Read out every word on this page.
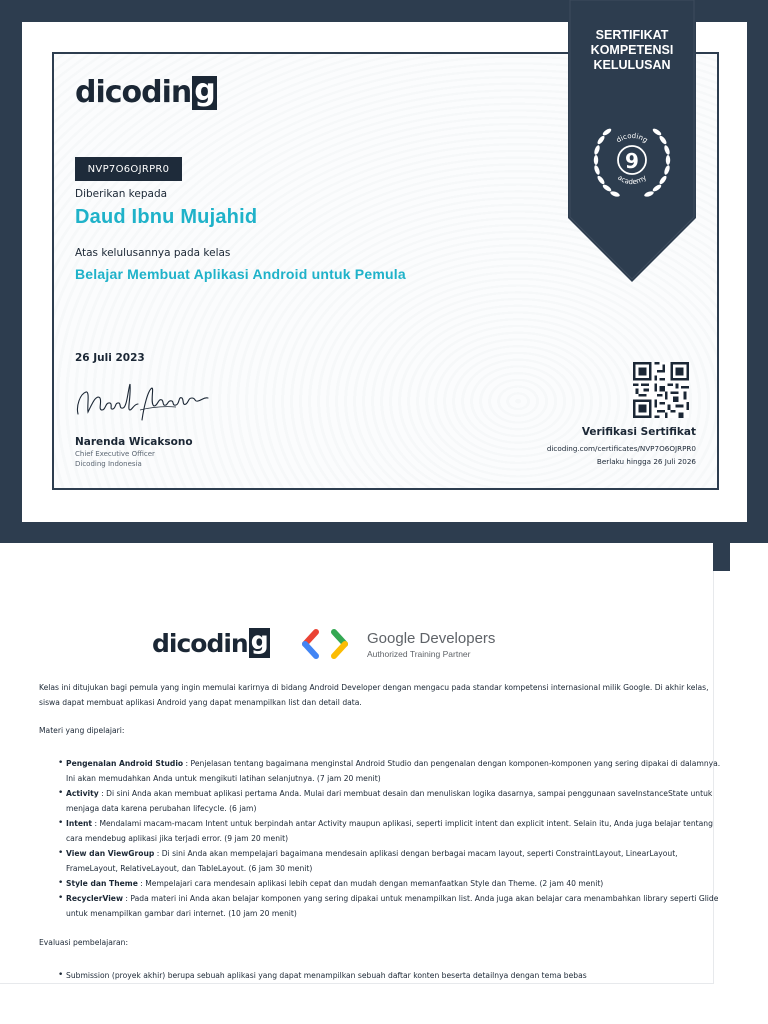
dicodin g
NVP7O6OJRPR0
Diberikan kepada
Daud Ibnu Mujahid
Atas kelulusannya pada kelas
Belajar Membuat Aplikasi Android untuk Pemula
26 Juli 2023
Narenda Wicaksono
Chief Executive Officer
Dicoding Indonesia
SERTIFIKAT
KOMPETENSI
KELULUSAN
9
dicoding
academy
Verifikasi Sertifikat
dicoding.com/certificates/NVP7O6OJRPR0
Berlaku hingga 26 Juli 2026
dicodin g	Google Developers
Authorized Training Partner
Kelas ini ditujukan bagi pemula yang ingin memulai karirnya di bidang Android Developer dengan mengacu pada standar kompetensi internasional milik Google. Di akhir kelas, siswa dapat membuat aplikasi Android yang dapat menampilkan list dan detail data.
Materi yang dipelajari:
• Pengenalan Android Studio : Penjelasan tentang bagaimana menginstal Android Studio dan pengenalan dengan komponen-komponen yang sering dipakai di dalamnya. Ini akan memudahkan Anda untuk mengikuti latihan selanjutnya. (7 jam 20 menit)
• Activity : Di sini Anda akan membuat aplikasi pertama Anda. Mulai dari membuat desain dan menuliskan logika dasarnya, sampai penggunaan saveInstanceState untuk menjaga data karena perubahan lifecycle. (6 jam)
• Intent : Mendalami macam-macam Intent untuk berpindah antar Activity maupun aplikasi, seperti implicit intent dan explicit intent. Selain itu, Anda juga belajar tentang cara mendebug aplikasi jika terjadi error. (9 jam 20 menit)
• View dan ViewGroup : Di sini Anda akan mempelajari bagaimana mendesain aplikasi dengan berbagai macam layout, seperti ConstraintLayout, LinearLayout, FrameLayout, RelativeLayout, dan TableLayout. (6 jam 30 menit)
• Style dan Theme : Mempelajari cara mendesain aplikasi lebih cepat dan mudah dengan memanfaatkan Style dan Theme. (2 jam 40 menit)
• RecyclerView : Pada materi ini Anda akan belajar komponen yang sering dipakai untuk menampilkan list. Anda juga akan belajar cara menambahkan library seperti Glide untuk menampilkan gambar dari internet. (10 jam 20 menit)
Evaluasi pembelajaran:
• Submission (proyek akhir) berupa sebuah aplikasi yang dapat menampilkan sebuah daftar konten beserta detailnya dengan tema bebas
